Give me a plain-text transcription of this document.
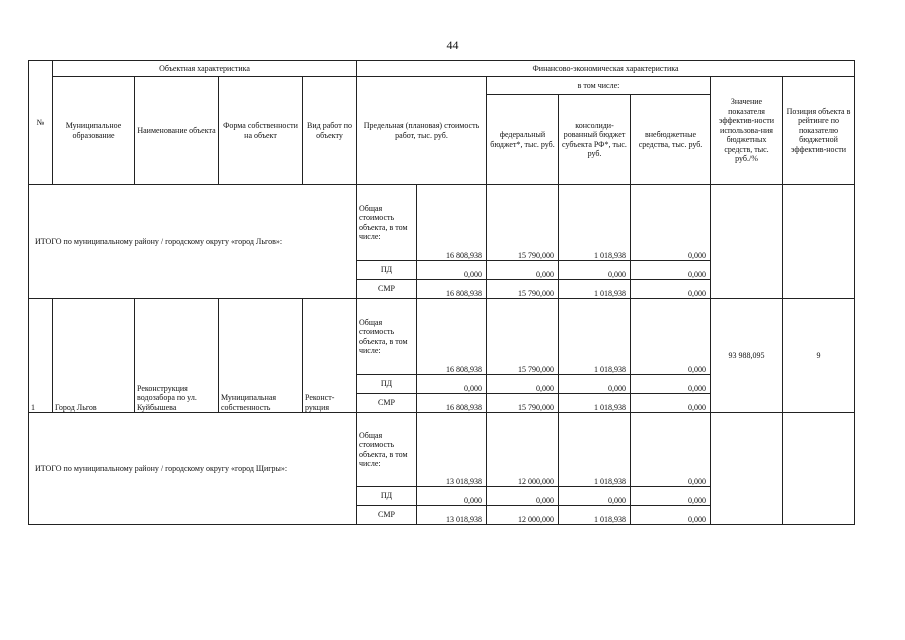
44
№	Объектная характеристика				Финансово-экономическая характеристика						
	Муниципальное образование	Наименование объекта	Форма собственности на объект	Вид работ по объекту	Предельная (плановая) стоимость работ, тыс. руб.		в том числе:			Значение показателя эффектив-ности использова-ния бюджетных средств, тыс. руб./%	Позиция объекта в рейтинге по показателю бюджетной эффектив-ности
							федеральный бюджет*, тыс. руб.	консолиди-рованный бюджет субъекта РФ*, тыс. руб.	внебюджетные средства, тыс. руб.		
ИТОГО по муниципальному району / городскому округу «город Льгов»:					Общая стоимость объекта, в том числе:	16 808,938	15 790,000	1 018,938	0,000		
					ПД	0,000	0,000	0,000	0,000		
					СМР	16 808,938	15 790,000	1 018,938	0,000		
1	Город Льгов	Реконструкция водозабора по ул. Куйбышева	Муниципальная собственность	Реконст-рукция	Общая стоимость объекта, в том числе:	16 808,938	15 790,000	1 018,938	0,000	93 988,095	9
					ПД	0,000	0,000	0,000	0,000		
					СМР	16 808,938	15 790,000	1 018,938	0,000		
ИТОГО по муниципальному району / городскому округу «город Щигры»:					Общая стоимость объекта, в том числе:	13 018,938	12 000,000	1 018,938	0,000		
					ПД	0,000	0,000	0,000	0,000		
					СМР	13 018,938	12 000,000	1 018,938	0,000		
